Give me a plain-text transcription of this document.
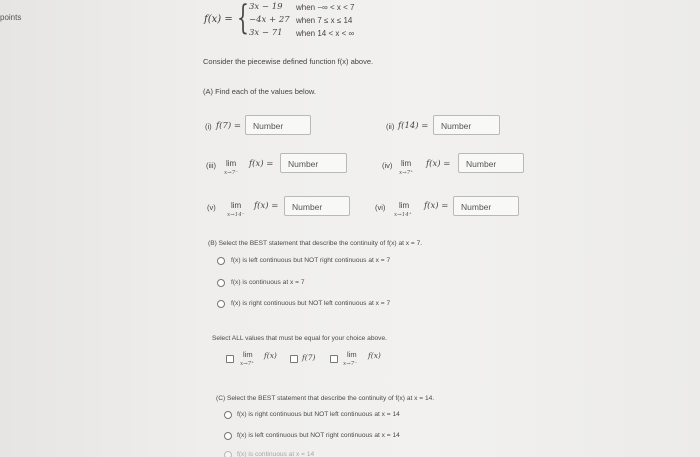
points	f(x) = { 3x − 19 when −∞ < x < 7
−4x + 27 when 7 ≤ x ≤ 14
3x − 71 when 14 < x < ∞
Consider the piecewise defined function f(x) above.
(A) Find each of the values below.
(i) f(7) =	Number	(ii) f(14) =	Number
(iii) lim
x→7⁻
f(x) =	Number	(iv) lim
x→7⁺
f(x) =	Number
(v) lim
x→14⁻
f(x) =	Number	(vi) lim
x→14⁺
f(x) =	Number
(B) Select the BEST statement that describe the continuity of f(x) at x = 7.
f(x) is left continuous but NOT right continuous at x = 7
f(x) is continuous at x = 7
f(x) is right continuous but NOT left continuous at x = 7
Select ALL values that must be equal for your choice above.
lim
x→7⁺
f(x)	f(7)	lim
x→7⁻
f(x)
(C) Select the BEST statement that describe the continuity of f(x) at x = 14.
f(x) is right continuous but NOT left continuous at x = 14
f(x) is left continuous but NOT right continuous at x = 14
f(x) is continuous at x = 14
